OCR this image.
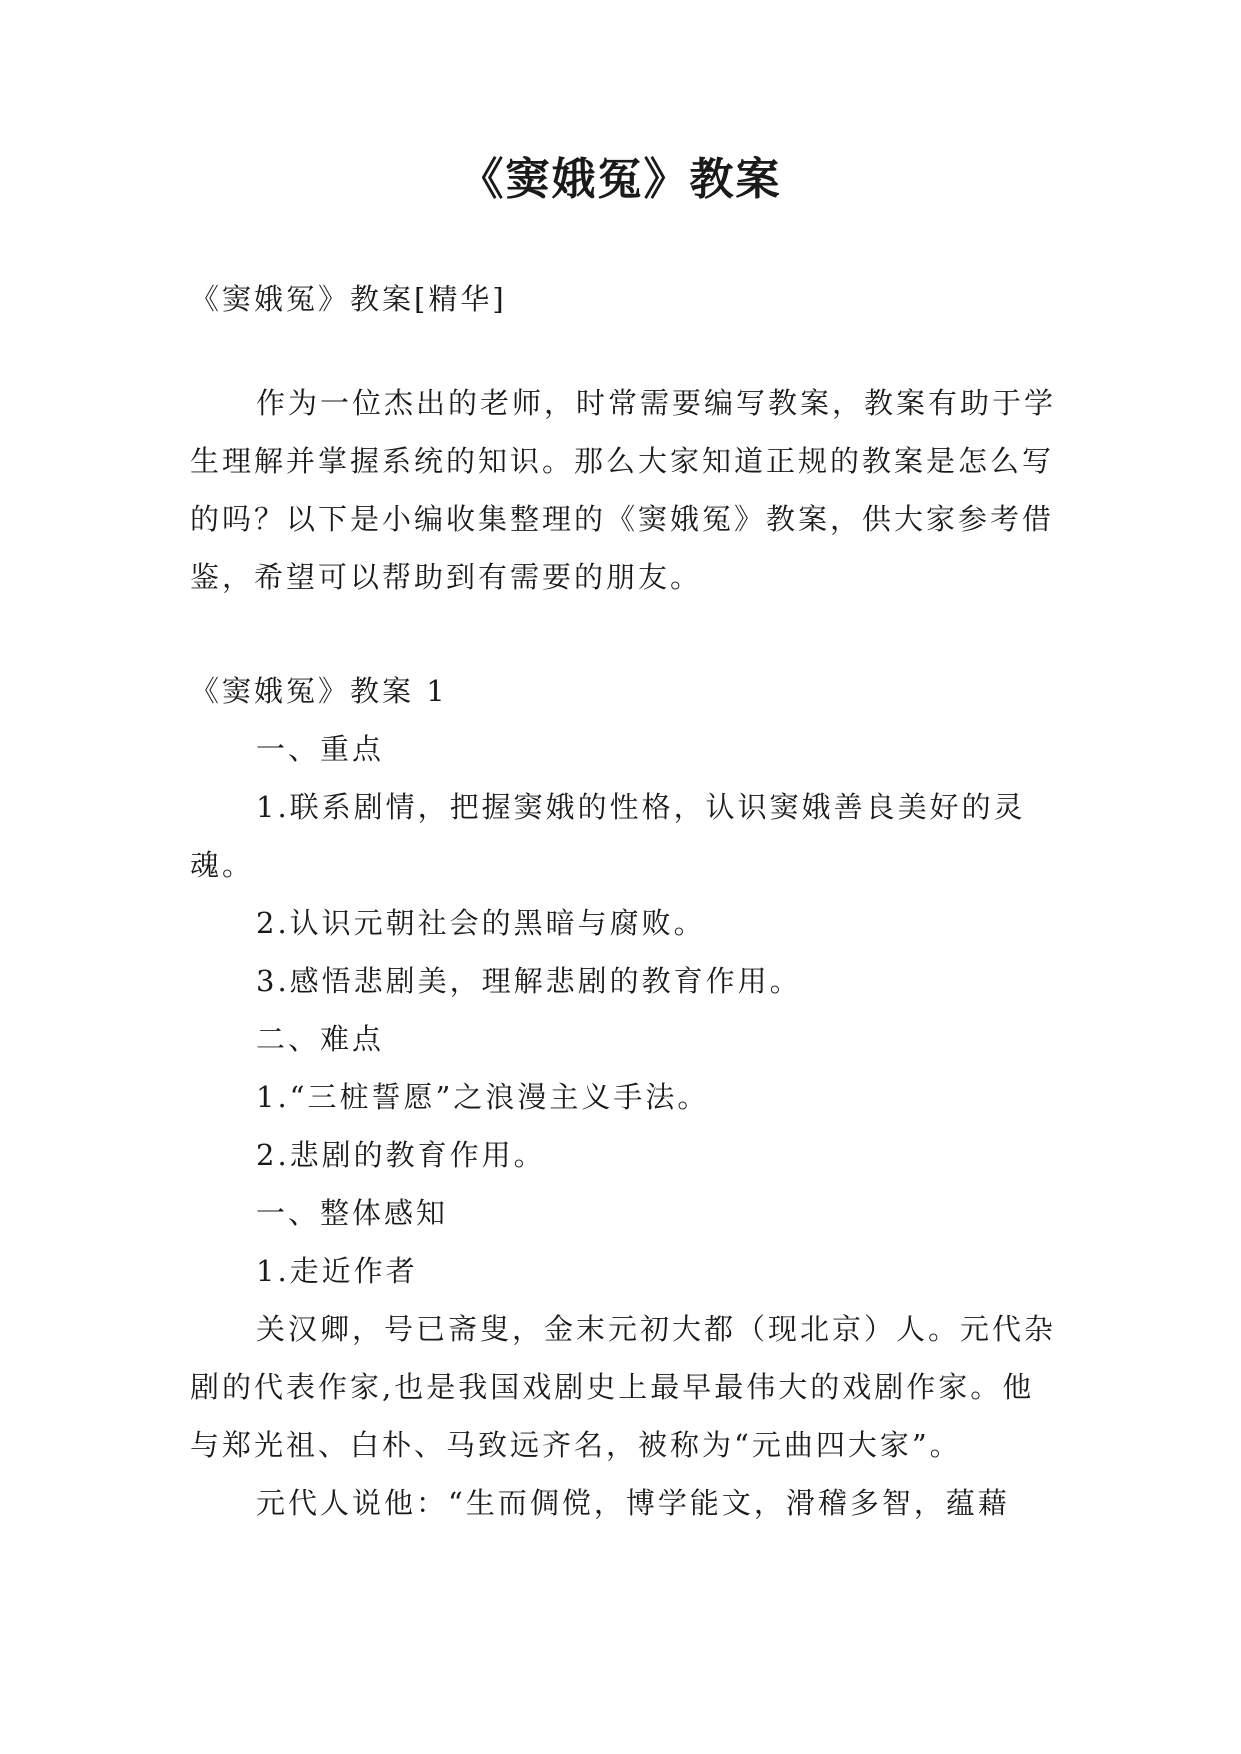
《窦娥冤》教案

《窦娥冤》教案[精华]

作为一位杰出的老师，时常需要编写教案，教案有助于学生理解并掌握系统的知识。那么大家知道正规的教案是怎么写的吗？以下是小编收集整理的《窦娥冤》教案，供大家参考借鉴，希望可以帮助到有需要的朋友。

《窦娥冤》教案 1

一、重点

1.联系剧情，把握窦娥的性格，认识窦娥善良美好的灵魂。

2.认识元朝社会的黑暗与腐败。

3.感悟悲剧美，理解悲剧的教育作用。

二、难点

1.“三桩誓愿”之浪漫主义手法。

2.悲剧的教育作用。

一、整体感知

1.走近作者

关汉卿，号已斋叟，金末元初大都（现北京）人。元代杂剧的代表作家,也是我国戏剧史上最早最伟大的戏剧作家。他与郑光祖、白朴、马致远齐名，被称为“元曲四大家”。

元代人说他：“生而倜傥，博学能文，滑稽多智，蕴藉
